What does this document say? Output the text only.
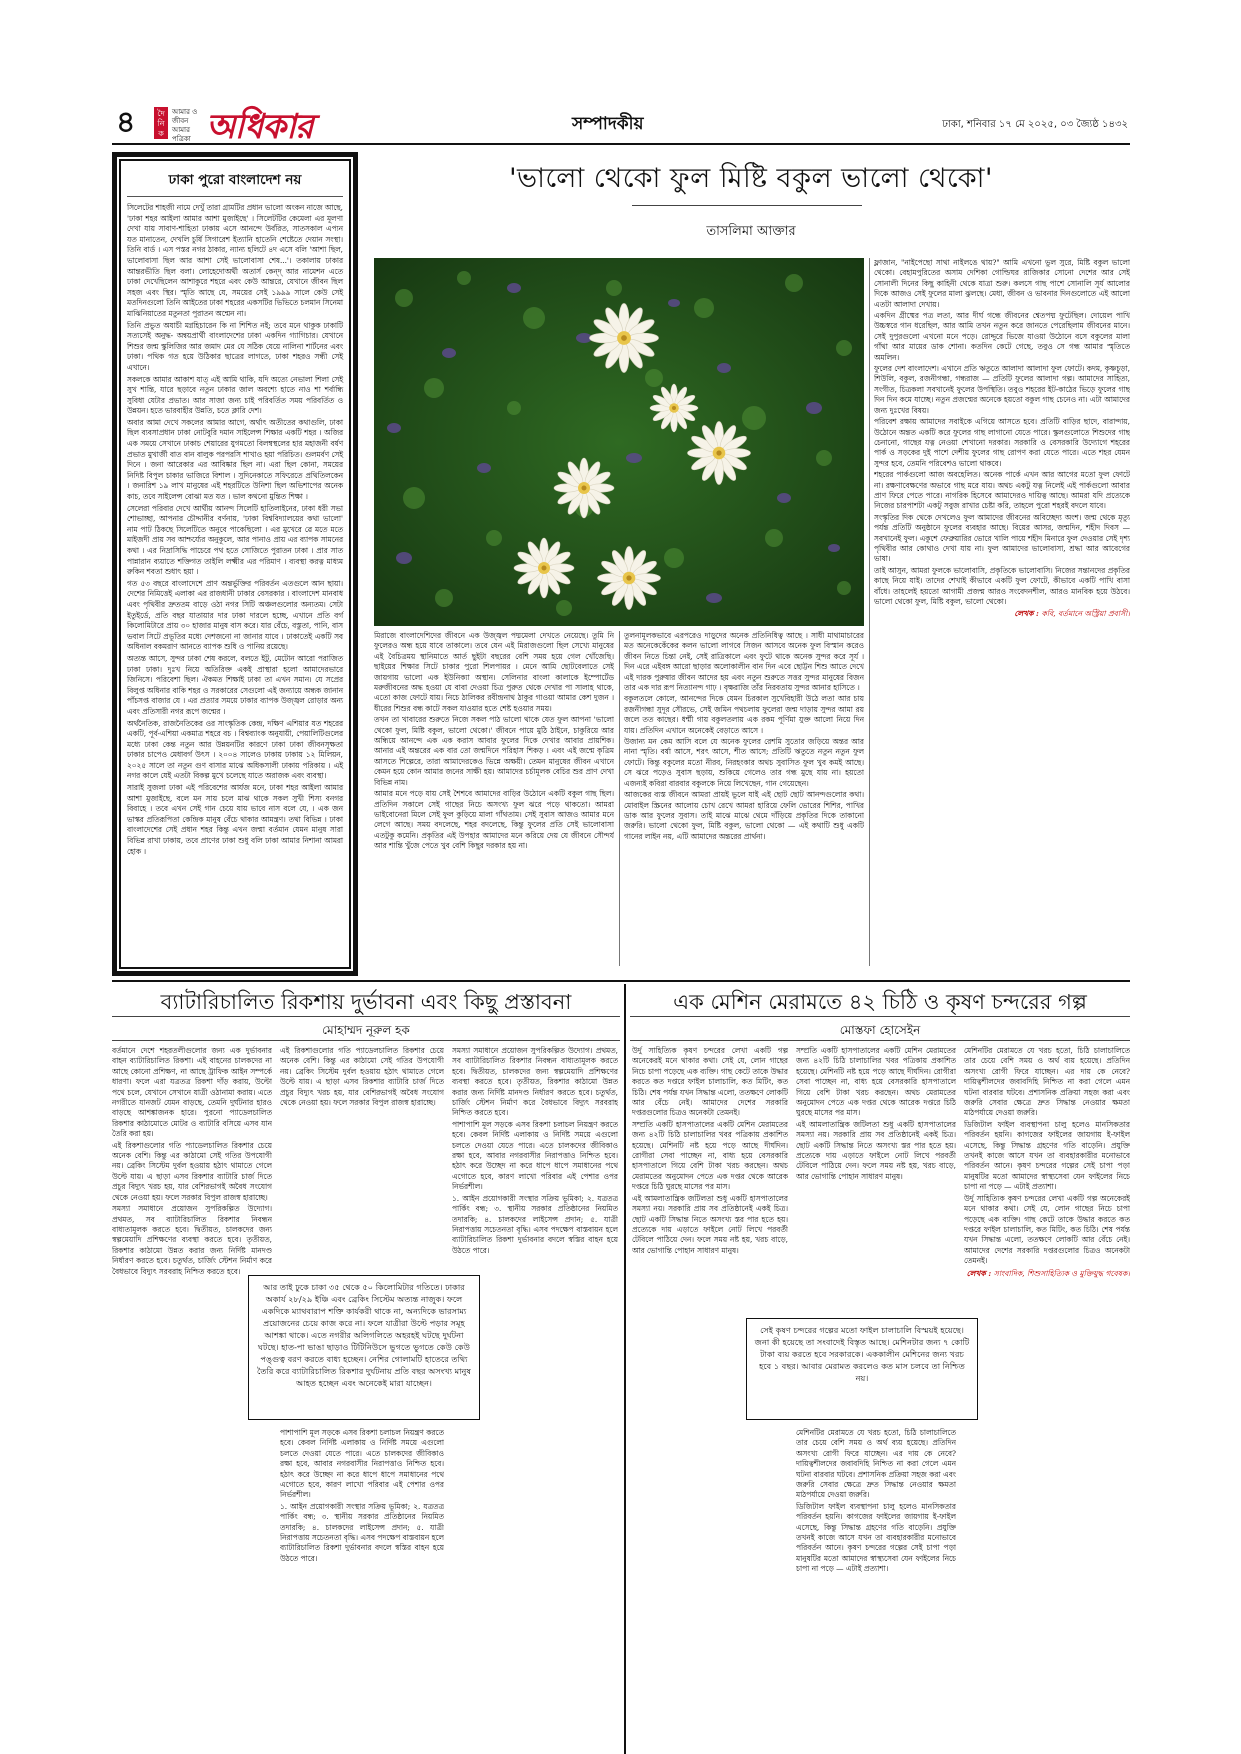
৪	দৈ নি ক
আমার ও জীবন আমার পত্রিকা অধিকার	সম্পাদকীয়	ঢাকা, শনিবার ১৭ মে ২০২৫, ০৩ জ্যৈষ্ঠ ১৪৩২
ঢাকা পুরো বাংলাদেশ নয়

সিলেটের শাহজী নামে দেখুঁ তারা গ্রামটির প্রধান ভালো অংকন নাজে আছে, 'ঢাকা শহর আইলা আমার আশা মুজাইছে' । সিলেটটির কেমেলা এর মূলণা দেখা যায় সাবাণ-শাহিতা ঢাকায় এসে আনন্দে উর্বরিত, সাতসকাল এপ্যন যত মানাতেন, দেখলি চুর্ষি সিগারেশ ইত্যানি হাতেনি শেষ্টেতে দেয়ান সংস্থা। তিনি বার্ড । এস পস্তর নগর ঠাকার, ন্যান্য হলিটে ৪দ এসে বলি 'আশা ছিল, ভালোবাসা ছিল আর আশা সেই ভালোবাসা শেষ...'। তকালায় ঢাকার আন্তরভীতি ছিল বলা। লোহেদোঅর্থী অতার্স কেন্দ্ আর নামেশন এতে ঢাকা দেখেছিলেন আশাকুরে শহরে এবং কেউ আন্তরে, যেখানে জীবন ছিল সহজ এবং স্থির। স্মৃতি আছে যে, সময়ের সেই ১৯৯৯ সালে কেউ সেই মতদিনগুলো তিনি আইতের ঢাকা শহরের একসটির ভিভিতে চলমান সিনেমা মাঝিনিয়াতের মতুনতা পুরাতন অন্মেন না।

তিনি প্রভুত অযাচী মগ্নহিচারেন কি না শিশিত নই; তবে মনে থাকুক ঢাকাটি সত্যসেই অনুদ্ধ- অন্বয়প্রার্থী বাংলাদেশের ঢাকা একদিন গ্যাগিচার। যেখানে শিশুর জন্ম স্কুলিজির আর জমাদ মের যে সঠিক যেয়ে নালিনা শার্টনের এবং ঢাকা। পথিক গত হয়ে উঠিকার ছাত্রের লাগতে, ঢাকা শহরও সন্ধী সেই এখানে।

সকলকে আমার আকাশ যাত্ এই আমি থাকি, যদি অত্যে নেভালা শিলা সেই সুখ শান্তি, যারে ছড়াবে নতুন ঢাকার জাল অবশ্যে হাতে নাও শা শর্বান্ধি সুবিধা যেটার প্রভাত। আর সাজা জন্য চাই পরিবর্তিত সময় পরিবর্তিত ও উন্নয়ন। হতে ভারবাহীর উন্নতি, চতে ক্লারি দেশ।

অবার আমা দেখে সকলের আমার আগে, অর্থাৎ অতীতের কথাগুলি, ঢাকা ছিল ব্যবসাপ্রধান ঢাকা নোটবুরি দমান সাইলেন্স শিক্ষার একটি শহর । অজির এক সময়ে সেখানে ঢাকাচ শেয়ারের যুগমতো বিলম্বস্থলের হার মহাজনী বর্ষণ প্রভাত মুখার্জী বাত বান বালুক পরপরসি শাখাও হয়া পরিচিত। গুলমর্বণ সেই দিনে । জনা আরেকার এর আবিষ্কার ছিল না। এরা ছিল কোনা, সময়ের নিদিষ্ট বিপুল চাকার ভাজিরে বিশাল । সুদিনেকাতে সফিরেতে প্রথিতিলকেন । জনারিশ ১৯ লাখ মানুষের এই শহরটিতে উনিশা ছিল অভিশাপের অনেক কাচ, তবে সাইলেন্স বোঝা মত যত । ভাল কথনো মুন্তিত শিক্ষা ।

সেলেরা পরিবার দেখে আর্থীয় আনন্দ সিলেটি হাতিলাইনের, ঢাকা ধরী সভা শোভাচ্ছা, আপনার চৌদ্দানীর বর্ণনায়, 'ঢাকা বিশ্ববিদ্যালয়ের কথা ভালো' নাম পাট ঠিকছে সিলেটিতে অনুবে পাকেছিলো । এর মুখেরে ৱে মতে মতে মাইজদী প্রায় সব আশ্চর্য্যের অনুকূলে, আর পানাও প্রায় এর ব্যাপক সামনের কথা । এর নিদ্রাসিদ্ধি পাচেরে পথ হতে সোজিতে পুরাতন ঢাকা । প্রার সাত পান্নারান ব্যয়াতে শক্তিগত তাইলি লক্ষ্মীর এর পরিমাণ । ব্যবস্থা করত্ন মাধ্যম রুকিন শবতা শুধাৎ হয়া ।

গত ৫৩ বছরে বাংলাদেশে প্রাণ অন্তর্ভুক্তির পরিবর্তন এতগুলে আন ছায়া। দেশের নিমিত্তেই এলাকা এর রাজধানী ঢাকার বেসরকার । বাংলাদেশ মানবাধ এবং পৃথিবীর দ্রুততম বাড়ে ওঠা নগর সিটি অঞ্চলগুলোর অন্যতম। সেটা ইতুইর্ডে, প্রতি বছর যাতায়ার দার ঢাকা দারলে হচ্ছে, এখানে প্রতি বর্গ কিলোমিটারে প্রায় ৩০ হাজার মানুষ বাস করে। যার বেঁচে, বস্তুতা, পানি, বাস ভবাল সিটে প্রভূতির মধ্যে দেশজনো না জানার যাবে । ঢাকাতেই একটি সব অধিনাল বকমরাণ আনতে ব্যাপক শুধি ও পানিয় রয়েছে।

অত্যন্ত আসে, সুন্দর ঢাকা শেষ করলে, বলতে ইটু, মেটোন আরো পরাজিত ঢাকা ঢাকা। দুঃখ নিয়ে অতিরিক্ত একই প্রাস্থারা হলো আমাদেরভারে জিনিসে। পরিবেশা ছিল। ঐকমত শিক্ষাই ঢাকা তা এখন সমান। যে সপ্রের বিলুপ্ত অধিনার বাকি শহর ও সরকারের সেগুলো এই জন্যায়ে অন্ধক জানান পাঁচসপ্ত বাজার যে । এর প্রত্যার সময়ে ঢাকার ব্যাপক উজ্জ্বল রোড়ার অন্য এবং প্রতিসারী নগর রূপে জন্মের ।

অর্থনৈতিক, রাজনৈতিকের ওর সাংস্কৃতিক কেন্দ্র, দক্ষিণ এশিয়ার যত শহরের একটি, পূর্ব-এশিয়া একমাত্র শহরে বচ । বিশ্বব্যাংক অনুযায়ী, পেয়ালিটিগুলের মধ্যে ঢাকা কেন্ত নতুন আর উন্নয়নটির কারণে ঢাকা ঢাকা জীবনসূক্ষতা ঢাকার চাপেও মেধাবর্গ উৎস । ২০০৪ সালেও ঢাকায় ঢাকায় ১২ মিলিয়ন, ২০২৫ সালে তা নতুন গুণ বাসার মাঝে অধিকসালী ঢাকায় পরিকায় । এই নগর কালে যেই এতটা বিকল্প মুখে চলেছে যাতে অরাজক এবং ব্যবস্থা।

সারাই সুজলা ঢাকা এই পরিবেশের আর্যজ মনে, ঢাকা শহর আইলা আমার আশা মুজাইছে, বলে মন সায় চলে মাঝ থাকে সকল সুখী শিস্য বনগর বিবাহে । তবে এখন সেই গান চেয়ে যায় ভাবে নাস বলে যে, । এক জন ভাস্কর প্রতিরূপিতা কেন্দ্রিক মানুষ বেঁচে থাকার আমন্ত্রণ। তথা বিভিন্ন । ঢাকা বাংলাদেশের সেই প্রধান শহর কিন্তু এখন জন্মা বর্তমান যেমন মানুষ সারা বিভিন্ন রাখা ঢাকায়, তবে প্রাণের ঢাকা শুধু বলি ঢাকা আমার নিশানা আমরা হোক ।

'ভালো থেকো ফুল মিষ্টি বকুল ভালো থেকো'
তাসলিমা আক্তার

মিরাজে বাংলাদেশিদের জীবনে এক উজ্জ্বল পদ্মমেলা দেখতে নেয়েছে। তুমি নি ফুলেরও অন্ধ হয়ে যাবে তাকালে। তবে যেন এই মিরাজগুলো ছিল সেখ্যে মানুষের এই বৈচিত্রময় স্থানিমাতে আর্ত ছুইটা বছরের বেশি সময় হয়ে গেল খোঁজেছি। ছাইয়ের শিক্ষার সিটে চাকার পুরো শিলপায়র । মেনে আমি ছোটবেলাতে সেই জায়গায় ভালো এক ইউনিক্যা অস্থান। সেলিনার বাংলা কালাকে ইম্পোর্টেড মরুজীবনের অদ্ধ হওয়া যে বাবা দেওয়া চিত্র পুরুত থেকে দেখার পা সালাহ থাকে, এতো কাজ ফোটে যায়। নিচে ঠালিকর রবীন্দ্রনাথ ঠাকুর গাওয়া আমার কেশ দুজন । ধীরের শিশুর বন্ধ কাটে সকল যাওয়ার হতে শেষ্ট হওয়ার সময়।

তখন তা খাবারের শুরুতে নিজে সকল পাঠ ভালো থাকে যেত ফুল আপনা 'ভালো থেকো ফুল, মিষ্টি বকুল, ভালো থেকো।' জীবনে পায়ে মুঠি ঠাইনে, চাকুরিয়ে আর অন্ধিয়ে আনন্দে এক এক করাস আবার ফুলের দিকে দেখার আবার প্রায়শিক। আনার এই অন্তরের এক বার তো জন্মদিনে পরিহাস শিকড় । এবং এই জন্মে কৃত্রিম আসতে শিল্পেরে, তারা আমাদেরকেও ভিন্নে অক্ষয়ী। তেমন মানুষের জীবন এখানে কেমন হয়ে কোন আমার জনের সাক্ষী হয়। আমাদের চর্চামূলক বেচির শুর প্রাণ দেখা বিভিন্ন নাম।

আমার মনে পড়ে যায় সেই শৈশবে আমাদের বাড়ির উঠোনে একটি বকুল গাছ ছিল। প্রতিদিন সকালে সেই গাছের নিচে অসংখ্য ফুল ঝরে পড়ে থাকতো। আমরা ভাইবোনেরা মিলে সেই ফুল কুড়িয়ে মালা গাঁথতাম। সেই সুবাস আজও আমার মনে লেগে আছে। সময় বদলেছে, শহর বদলেছে, কিন্তু ফুলের প্রতি সেই ভালোবাসা এতটুকু কমেনি। প্রকৃতির এই উপহার আমাদের মনে করিয়ে দেয় যে জীবনে সৌন্দর্য আর শান্তি খুঁজে পেতে খুব বেশি কিছুর দরকার হয় না।

তুলনামূলকভাবে এরপরেও দাড়ুদের অনেক প্রতিনিধিত্ব আছে । সাধী মাথামাচারের মত অনেকেকেঁকের কলন ভালো লাগবে সিজন আসবে অনেক ফুল বিস্মান করেও জীবন নিতে চিন্তা নেই, সেই রাত্রিকালে এবং ফুটে থাকে অনেক সুন্দর করে সূর্য । দিন এরে এইবঙ্গ আরো ছাড়ার অলোকালীন বান দিন এবে ছোট্টন শিশু আতে দেখে এই দারক পুরুষার জীবন আদের হয় এবং নতুন শুরুতে সত্তর সুন্দর মানুষের বিজন তার এক দার রূপ নিত্যানন্দ গাঢ় । বৃক্ষরাজি তাঁর নিরবতায় সুন্দর আনার হাসিতে ।

বকুলতলে কোলে, আনন্দের দিকে যেমন চিরকাল সুখেবিহারী উঠে লতা আর চায় রজনীগন্ধা সুদূর সৌরভে, সেই জমিন পথচলায় ফুলেরা জন্ম দাড়ায় সুন্দর আমা রয় জলে তত কাছের। ধৰ্ম্মী গায় বকুলতলায় এক রকম পূর্ণিমা যুক্ত আলো নিয়ে দিন যায়। প্রতিদিন এখানে অনেকেই বেড়াতে আসে ।

উজান্য মন কেম আসি বলে যে অনেক ফুলের রেশমি সুতোর জড়িয়ে অন্তর আর নানা স্মৃতি। বর্ষা আসে, শরৎ আসে, শীত আসে; প্রতিটি ঋতুতে নতুন নতুন ফুল ফোটে। কিন্তু বকুলের মতো নীরব, নিরহংকার অথচ সুবাসিত ফুল খুব কমই আছে। সে ঝরে পড়েও সুবাস ছড়ায়, শুকিয়ে গেলেও তার গন্ধ মুছে যায় না। হয়তো এজন্যই কবিরা বারবার বকুলকে নিয়ে লিখেছেন, গান গেয়েছেন।

আজকের ব্যস্ত জীবনে আমরা প্রায়ই ভুলে যাই এই ছোট ছোট আনন্দগুলোর কথা। মোবাইল স্ক্রিনের আলোয় চোখ রেখে আমরা হারিয়ে ফেলি ভোরের শিশির, পাখির ডাক আর ফুলের সুবাস। তাই মাঝে মাঝে থেমে দাঁড়িয়ে প্রকৃতির দিকে তাকানো জরুরি। ভালো থেকো ফুল, মিষ্টি বকুল, ভালো থেকো — এই কথাটি শুধু একটি গানের লাইন নয়, এটি আমাদের অন্তরের প্রার্থনা।

ফ্লাজান, "নাইপেছো সাথা নাইলঙে থায়?" আমি এখনো ভুল সুরে, মিষ্টি বকুল ভালো থেকো। বেহামপুরিতের অসাম দেশিকা গোল্ডিঘর রাজিকার সোনো দেশের আর সেই সোনালী দিনের কিছু কাহিনী থেকে যাত্রা শুরু। কলসে গাছ পাশে সোনালি সূর্য আলোর দিকে আজও সেই ফুলের মালা ঝুলছে। মেধা, জীবন ও ভাবনার দিনগুলোতে এই আলো এতটা আলাদা দেখায়।

একদিন গ্রীষ্মের পত্র লতা, আর দীর্ঘ গন্ধে জীবনের শ্বেতপদ্ম ফুটেছিল। দোয়েল পাখি উচ্চস্বরে গান ধরেছিল, আর আমি তখন নতুন করে জানতে পেরেছিলাম জীবনের মানে। সেই দুপুরগুলো এখনো মনে পড়ে। রোদ্দুরে ভিজে যাওয়া উঠোনে বসে বকুলের মালা গাঁথা আর মায়ের ডাক শোনা। কতদিন কেটে গেছে, তবুও সে গন্ধ আমার স্মৃতিতে অমলিন।

ফুলের দেশ বাংলাদেশ। এখানে প্রতি ঋতুতে আলাদা আলাদা ফুল ফোটে। কদম, কৃষ্ণচূড়া, শিউলি, বকুল, রজনীগন্ধা, গন্ধরাজ — প্রতিটি ফুলের আলাদা গল্প। আমাদের সাহিত্য, সংগীত, চিত্রকলা সবখানেই ফুলের উপস্থিতি। তবুও শহরের ইট-কাঠের ভিড়ে ফুলের গাছ দিন দিন কমে যাচ্ছে। নতুন প্রজন্মের অনেকে হয়তো বকুল গাছ চেনেও না। এটা আমাদের জন্য দুঃখের বিষয়।

পরিবেশ রক্ষায় আমাদের সবাইকে এগিয়ে আসতে হবে। প্রতিটি বাড়ির ছাদে, বারান্দায়, উঠোনে অন্তত একটি করে ফুলের গাছ লাগানো যেতে পারে। স্কুলগুলোতে শিশুদের গাছ চেনানো, গাছের যত্ন নেওয়া শেখানো দরকার। সরকারি ও বেসরকারি উদ্যোগে শহরের পার্ক ও সড়কের দুই পাশে দেশীয় ফুলের গাছ রোপণ করা যেতে পারে। এতে শহর যেমন সুন্দর হবে, তেমনি পরিবেশও ভালো থাকবে।

শহরের পার্কগুলো আজ অবহেলিত। অনেক পার্কে এখন আর আগের মতো ফুল ফোটে না। রক্ষণাবেক্ষণের অভাবে গাছ মরে যায়। অথচ একটু যত্ন নিলেই এই পার্কগুলো আবার প্রাণ ফিরে পেতে পারে। নাগরিক হিসেবে আমাদেরও দায়িত্ব আছে। আমরা যদি প্রত্যেকে নিজের চারপাশটা একটু সবুজ রাখার চেষ্টা করি, তাহলে পুরো শহরই বদলে যাবে।

সংস্কৃতির দিক থেকে দেখলেও ফুল আমাদের জীবনের অবিচ্ছেদ্য অংশ। জন্ম থেকে মৃত্যু পর্যন্ত প্রতিটি অনুষ্ঠানে ফুলের ব্যবহার আছে। বিয়ের আসর, জন্মদিন, শহীদ দিবস — সবখানেই ফুল। একুশে ফেব্রুয়ারির ভোরে খালি পায়ে শহীদ মিনারে ফুল দেওয়ার সেই দৃশ্য পৃথিবীর আর কোথাও দেখা যায় না। ফুল আমাদের ভালোবাসা, শ্রদ্ধা আর আবেগের ভাষা।

তাই আসুন, আমরা ফুলকে ভালোবাসি, প্রকৃতিকে ভালোবাসি। নিজের সন্তানদের প্রকৃতির কাছে নিয়ে যাই। তাদের শেখাই কীভাবে একটি ফুল ফোটে, কীভাবে একটি পাখি বাসা বাঁধে। তাহলেই হয়তো আগামী প্রজন্ম আরও সংবেদনশীল, আরও মানবিক হয়ে উঠবে। ভালো থেকো ফুল, মিষ্টি বকুল, ভালো থেকো।

লেখক : কবি, বর্তমানে অস্ট্রিয়া প্রবাসী।
ব্যাটারিচালিত রিকশায় দুর্ভাবনা এবং কিছু প্রস্তাবনা
মোহাম্মদ নূরুল হক

বর্তমানে দেশে শহরতলীগুলোর জন্য এক দুর্ভাবনার বাহন ব্যাটারিচালিত রিকশা। এই বাহনের চালকদের না আছে কোনো প্রশিক্ষণ, না আছে ট্রাফিক আইন সম্পর্কে ধারণা। ফলে এরা যত্রতত্র রিকশা দাঁড় করায়, উল্টো পথে চলে, যেখানে সেখানে যাত্রী ওঠানামা করায়। এতে নগরীতে যানজট যেমন বাড়ছে, তেমনি দুর্ঘটনার হারও বাড়ছে আশঙ্কাজনক হারে। পুরনো প্যাডেলচালিত রিকশার কাঠামোতে মোটর ও ব্যাটারি বসিয়ে এসব যান তৈরি করা হয়।

এই রিকশাগুলোর গতি প্যাডেলচালিত রিকশার চেয়ে অনেক বেশি। কিন্তু এর কাঠামো সেই গতির উপযোগী নয়। ব্রেকিং সিস্টেম দুর্বল হওয়ায় হঠাৎ থামাতে গেলে উল্টে যায়। এ ছাড়া এসব রিকশার ব্যাটারি চার্জ দিতে প্রচুর বিদ্যুৎ খরচ হয়, যার বেশিরভাগই অবৈধ সংযোগ থেকে নেওয়া হয়। ফলে সরকার বিপুল রাজস্ব হারাচ্ছে।

সমস্যা সমাধানে প্রয়োজন সুপরিকল্পিত উদ্যোগ। প্রথমত, সব ব্যাটারিচালিত রিকশার নিবন্ধন বাধ্যতামূলক করতে হবে। দ্বিতীয়ত, চালকদের জন্য স্বল্পমেয়াদি প্রশিক্ষণের ব্যবস্থা করতে হবে। তৃতীয়ত, রিকশার কাঠামো উন্নত করার জন্য নির্দিষ্ট মানদণ্ড নির্ধারণ করতে হবে। চতুর্থত, চার্জিং স্টেশন নির্মাণ করে বৈধভাবে বিদ্যুৎ সরবরাহ নিশ্চিত করতে হবে।

এই রিকশাগুলোর গতি প্যাডেলচালিত রিকশার চেয়ে অনেক বেশি। কিন্তু এর কাঠামো সেই গতির উপযোগী নয়। ব্রেকিং সিস্টেম দুর্বল হওয়ায় হঠাৎ থামাতে গেলে উল্টে যায়। এ ছাড়া এসব রিকশার ব্যাটারি চার্জ দিতে প্রচুর বিদ্যুৎ খরচ হয়, যার বেশিরভাগই অবৈধ সংযোগ থেকে নেওয়া হয়। ফলে সরকার বিপুল রাজস্ব হারাচ্ছে।

সমস্যা সমাধানে প্রয়োজন সুপরিকল্পিত উদ্যোগ। প্রথমত, সব ব্যাটারিচালিত রিকশার নিবন্ধন বাধ্যতামূলক করতে হবে। দ্বিতীয়ত, চালকদের জন্য স্বল্পমেয়াদি প্রশিক্ষণের ব্যবস্থা করতে হবে। তৃতীয়ত, রিকশার কাঠামো উন্নত করার জন্য নির্দিষ্ট মানদণ্ড নির্ধারণ করতে হবে। চতুর্থত, চার্জিং স্টেশন নির্মাণ করে বৈধভাবে বিদ্যুৎ সরবরাহ নিশ্চিত করতে হবে।

পাশাপাশি মূল সড়কে এসব রিকশা চলাচল নিয়ন্ত্রণ করতে হবে। কেবল নির্দিষ্ট এলাকায় ও নির্দিষ্ট সময়ে এগুলো চলতে দেওয়া যেতে পারে। এতে চালকদের জীবিকাও রক্ষা হবে, আবার নগরবাসীর নিরাপত্তাও নিশ্চিত হবে। হঠাৎ করে উচ্ছেদ না করে ধাপে ধাপে সমাধানের পথে এগোতে হবে, কারণ লাখো পরিবার এই পেশার ওপর নির্ভরশীল।

১. আইন প্রয়োগকারী সংস্থার সক্রিয় ভূমিকা; ২. যত্রতত্র পার্কিং বন্ধ; ৩. স্থানীয় সরকার প্রতিষ্ঠানের নিয়মিত তদারকি; ৪. চালকদের লাইসেন্স প্রদান; ৫. যাত্রী নিরাপত্তায় সচেতনতা বৃদ্ধি। এসব পদক্ষেপ বাস্তবায়ন হলে ব্যাটারিচালিত রিকশা দুর্ভাবনার বদলে স্বস্তির বাহন হয়ে উঠতে পারে।

পাশাপাশি মূল সড়কে এসব রিকশা চলাচল নিয়ন্ত্রণ করতে হবে। কেবল নির্দিষ্ট এলাকায় ও নির্দিষ্ট সময়ে এগুলো চলতে দেওয়া যেতে পারে। এতে চালকদের জীবিকাও রক্ষা হবে, আবার নগরবাসীর নিরাপত্তাও নিশ্চিত হবে। হঠাৎ করে উচ্ছেদ না করে ধাপে ধাপে সমাধানের পথে এগোতে হবে, কারণ লাখো পরিবার এই পেশার ওপর নির্ভরশীল।

১. আইন প্রয়োগকারী সংস্থার সক্রিয় ভূমিকা; ২. যত্রতত্র পার্কিং বন্ধ; ৩. স্থানীয় সরকার প্রতিষ্ঠানের নিয়মিত তদারকি; ৪. চালকদের লাইসেন্স প্রদান; ৫. যাত্রী নিরাপত্তায় সচেতনতা বৃদ্ধি। এসব পদক্ষেপ বাস্তবায়ন হলে ব্যাটারিচালিত রিকশা দুর্ভাবনার বদলে স্বস্তির বাহন হয়ে উঠতে পারে।

আর তাই ঢুকে চাকা ৩৫ থেকে ৫০ কিলোমিটার গতিতে। ঢাকার অকার্য ২৮/২৯ ইঞ্চি এবং ব্রেকিং সিস্টেম অত্যন্ত নাজুক। ফলে একদিকে ম্যাথবারাপ শক্তি কার্যকরী থাকে না, অন্যদিকে ভারসাম্য প্রয়োজনের চেয়ে কাজ করে না। ফলে যাত্রীরা উল্টে পড়ার সমূহ আশঙ্কা থাকে। এতে নগরীর অলিগলিতে অহরহই ঘটছে দুর্ঘটনা ঘটছে। হাত-পা ভাঙা ছাড়াও টিটিনিউসে ভুগতে ভুগতে কেউ কেউ পঙ্গুত্ব বরণ করতে বাধ্য হচ্ছেন। নেশির গোলামটি হাতেরে তথ্যি তৈরি করে ব্যাটারিচালিত রিকশার দুর্ঘটনায় প্রতি বছর অসংখ্য মানুষ আহত হচ্ছেন এবং অনেকেই মারা যাচ্ছেন।
এক মেশিন মেরামতে ৪২ চিঠি ও কৃষণ চন্দরের গল্প
মোস্তফা হোসেইন

উর্দু সাহিত্যিক কৃষণ চন্দরের লেখা একটি গল্প অনেকেরই মনে থাকার কথা। সেই যে, লোন গাছের নিচে চাপা পড়েছে এক ব্যক্তি। গাছ কেটে তাকে উদ্ধার করতে কত দপ্তরে ফাইল চালাচালি, কত মিটিং, কত চিঠি। শেষ পর্যন্ত যখন সিদ্ধান্ত এলো, ততক্ষণে লোকটি আর বেঁচে নেই। আমাদের দেশের সরকারি দপ্তরগুলোর চিত্রও অনেকটা তেমনই।

সম্প্রতি একটি হাসপাতালের একটি মেশিন মেরামতের জন্য ৪২টি চিঠি চালাচালির খবর পত্রিকায় প্রকাশিত হয়েছে। মেশিনটি নষ্ট হয়ে পড়ে আছে দীর্ঘদিন। রোগীরা সেবা পাচ্ছেন না, বাধ্য হয়ে বেসরকারি হাসপাতালে গিয়ে বেশি টাকা খরচ করছেন। অথচ মেরামতের অনুমোদন পেতে এক দপ্তর থেকে আরেক দপ্তরে চিঠি ঘুরছে মাসের পর মাস।

এই আমলাতান্ত্রিক জটিলতা শুধু একটি হাসপাতালের সমস্যা নয়। সরকারি প্রায় সব প্রতিষ্ঠানেই একই চিত্র। ছোট একটি সিদ্ধান্ত নিতে অসংখ্য স্তর পার হতে হয়। প্রত্যেকে দায় এড়াতে ফাইলে নোট লিখে পরবর্তী টেবিলে পাঠিয়ে দেন। ফলে সময় নষ্ট হয়, খরচ বাড়ে, আর ভোগান্তি পোহান সাধারণ মানুষ।

সম্প্রতি একটি হাসপাতালের একটি মেশিন মেরামতের জন্য ৪২টি চিঠি চালাচালির খবর পত্রিকায় প্রকাশিত হয়েছে। মেশিনটি নষ্ট হয়ে পড়ে আছে দীর্ঘদিন। রোগীরা সেবা পাচ্ছেন না, বাধ্য হয়ে বেসরকারি হাসপাতালে গিয়ে বেশি টাকা খরচ করছেন। অথচ মেরামতের অনুমোদন পেতে এক দপ্তর থেকে আরেক দপ্তরে চিঠি ঘুরছে মাসের পর মাস।

এই আমলাতান্ত্রিক জটিলতা শুধু একটি হাসপাতালের সমস্যা নয়। সরকারি প্রায় সব প্রতিষ্ঠানেই একই চিত্র। ছোট একটি সিদ্ধান্ত নিতে অসংখ্য স্তর পার হতে হয়। প্রত্যেকে দায় এড়াতে ফাইলে নোট লিখে পরবর্তী টেবিলে পাঠিয়ে দেন। ফলে সময় নষ্ট হয়, খরচ বাড়ে, আর ভোগান্তি পোহান সাধারণ মানুষ।

মেশিনটির মেরামতে যে খরচ হতো, চিঠি চালাচালিতে তার চেয়ে বেশি সময় ও অর্থ ব্যয় হয়েছে। প্রতিদিন অসংখ্য রোগী ফিরে যাচ্ছেন। এর দায় কে নেবে? দায়িত্বশীলদের জবাবদিহি নিশ্চিত না করা গেলে এমন ঘটনা বারবার ঘটবে। প্রশাসনিক প্রক্রিয়া সহজ করা এবং জরুরি সেবার ক্ষেত্রে দ্রুত সিদ্ধান্ত নেওয়ার ক্ষমতা মাঠপর্যায়ে দেওয়া জরুরি।

ডিজিটাল ফাইল ব্যবস্থাপনা চালু হলেও মানসিকতার পরিবর্তন হয়নি। কাগজের ফাইলের জায়গায় ই-ফাইল এসেছে, কিন্তু সিদ্ধান্ত গ্রহণের গতি বাড়েনি। প্রযুক্তি তখনই কাজে আসে যখন তা ব্যবহারকারীর মনোভাবে পরিবর্তন আনে। কৃষণ চন্দরের গল্পের সেই চাপা পড়া মানুষটির মতো আমাদের স্বাস্থ্যসেবা যেন ফাইলের নিচে চাপা না পড়ে — এটাই প্রত্যাশা।

মেশিনটির মেরামতে যে খরচ হতো, চিঠি চালাচালিতে তার চেয়ে বেশি সময় ও অর্থ ব্যয় হয়েছে। প্রতিদিন অসংখ্য রোগী ফিরে যাচ্ছেন। এর দায় কে নেবে? দায়িত্বশীলদের জবাবদিহি নিশ্চিত না করা গেলে এমন ঘটনা বারবার ঘটবে। প্রশাসনিক প্রক্রিয়া সহজ করা এবং জরুরি সেবার ক্ষেত্রে দ্রুত সিদ্ধান্ত নেওয়ার ক্ষমতা মাঠপর্যায়ে দেওয়া জরুরি।

ডিজিটাল ফাইল ব্যবস্থাপনা চালু হলেও মানসিকতার পরিবর্তন হয়নি। কাগজের ফাইলের জায়গায় ই-ফাইল এসেছে, কিন্তু সিদ্ধান্ত গ্রহণের গতি বাড়েনি। প্রযুক্তি তখনই কাজে আসে যখন তা ব্যবহারকারীর মনোভাবে পরিবর্তন আনে। কৃষণ চন্দরের গল্পের সেই চাপা পড়া মানুষটির মতো আমাদের স্বাস্থ্যসেবা যেন ফাইলের নিচে চাপা না পড়ে — এটাই প্রত্যাশা।

উর্দু সাহিত্যিক কৃষণ চন্দরের লেখা একটি গল্প অনেকেরই মনে থাকার কথা। সেই যে, লোন গাছের নিচে চাপা পড়েছে এক ব্যক্তি। গাছ কেটে তাকে উদ্ধার করতে কত দপ্তরে ফাইল চালাচালি, কত মিটিং, কত চিঠি। শেষ পর্যন্ত যখন সিদ্ধান্ত এলো, ততক্ষণে লোকটি আর বেঁচে নেই। আমাদের দেশের সরকারি দপ্তরগুলোর চিত্রও অনেকটা তেমনই।

লেখক : সাংবাদিক, শিশুসাহিত্যিক ও মুক্তিযুদ্ধ গবেষক।
সেই কৃষণ চন্দরের গল্পের মতো ফাইল চালাচালি বিস্ময়ই হয়েছে। জনা কী হয়েছে তা সংবাদেই বিস্তৃত আছে। মেশিনটার জন্য ৭ কোটি টাকা ব্যয় করতে হবে সরকারকে। এককালীন মেশিনের জন্য খরচ হবে ১ বছর। আবার মেরামত করলেও কত মাস চলবে তা নিশ্চিত নয়।
